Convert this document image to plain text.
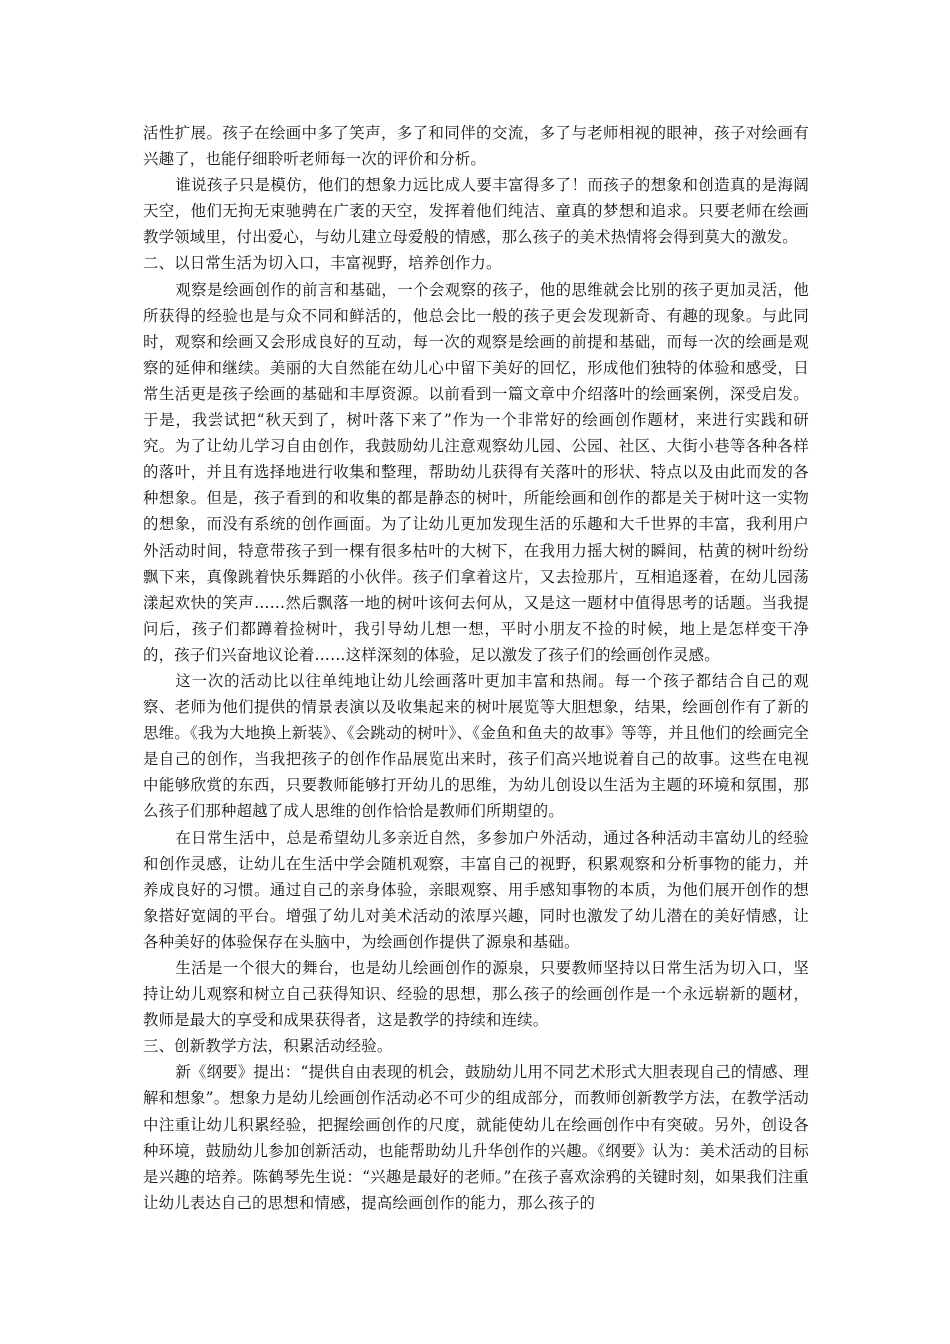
活性扩展。孩子在绘画中多了笑声，多了和同伴的交流，多了与老师相视的眼神，孩子对绘画有兴趣了，也能仔细聆听老师每一次的评价和分析。

谁说孩子只是模仿，他们的想象力远比成人要丰富得多了！而孩子的想象和创造真的是海阔天空，他们无拘无束驰骋在广袤的天空，发挥着他们纯洁、童真的梦想和追求。只要老师在绘画教学领域里，付出爱心，与幼儿建立母爱般的情感，那么孩子的美术热情将会得到莫大的激发。

二、以日常生活为切入口，丰富视野，培养创作力。

观察是绘画创作的前言和基础，一个会观察的孩子，他的思维就会比别的孩子更加灵活，他所获得的经验也是与众不同和鲜活的，他总会比一般的孩子更会发现新奇、有趣的现象。与此同时，观察和绘画又会形成良好的互动，每一次的观察是绘画的前提和基础，而每一次的绘画是观察的延伸和继续。美丽的大自然能在幼儿心中留下美好的回忆，形成他们独特的体验和感受，日常生活更是孩子绘画的基础和丰厚资源。以前看到一篇文章中介绍落叶的绘画案例，深受启发。于是，我尝试把“秋天到了，树叶落下来了”作为一个非常好的绘画创作题材，来进行实践和研究。为了让幼儿学习自由创作，我鼓励幼儿注意观察幼儿园、公园、社区、大街小巷等各种各样的落叶，并且有选择地进行收集和整理，帮助幼儿获得有关落叶的形状、特点以及由此而发的各种想象。但是，孩子看到的和收集的都是静态的树叶，所能绘画和创作的都是关于树叶这一实物的想象，而没有系统的创作画面。为了让幼儿更加发现生活的乐趣和大千世界的丰富，我利用户外活动时间，特意带孩子到一棵有很多枯叶的大树下，在我用力摇大树的瞬间，枯黄的树叶纷纷飘下来，真像跳着快乐舞蹈的小伙伴。孩子们拿着这片，又去捡那片，互相追逐着，在幼儿园荡漾起欢快的笑声……然后飘落一地的树叶该何去何从，又是这一题材中值得思考的话题。当我提问后，孩子们都蹲着捡树叶，我引导幼儿想一想，平时小朋友不捡的时候，地上是怎样变干净的，孩子们兴奋地议论着……这样深刻的体验，足以激发了孩子们的绘画创作灵感。

这一次的活动比以往单纯地让幼儿绘画落叶更加丰富和热闹。每一个孩子都结合自己的观察、老师为他们提供的情景表演以及收集起来的树叶展览等大胆想象，结果，绘画创作有了新的思维。《我为大地换上新装》、《会跳动的树叶》、《金鱼和鱼夫的故事》等等，并且他们的绘画完全是自己的创作，当我把孩子的创作作品展览出来时，孩子们高兴地说着自己的故事。这些在电视中能够欣赏的东西，只要教师能够打开幼儿的思维，为幼儿创设以生活为主题的环境和氛围，那么孩子们那种超越了成人思维的创作恰恰是教师们所期望的。

在日常生活中，总是希望幼儿多亲近自然，多参加户外活动，通过各种活动丰富幼儿的经验和创作灵感，让幼儿在生活中学会随机观察，丰富自己的视野，积累观察和分析事物的能力，并养成良好的习惯。通过自己的亲身体验，亲眼观察、用手感知事物的本质，为他们展开创作的想象搭好宽阔的平台。增强了幼儿对美术活动的浓厚兴趣，同时也激发了幼儿潜在的美好情感，让各种美好的体验保存在头脑中，为绘画创作提供了源泉和基础。

生活是一个很大的舞台，也是幼儿绘画创作的源泉，只要教师坚持以日常生活为切入口，坚持让幼儿观察和树立自己获得知识、经验的思想，那么孩子的绘画创作是一个永远崭新的题材，教师是最大的享受和成果获得者，这是教学的持续和连续。

三、创新教学方法，积累活动经验。

新《纲要》提出：“提供自由表现的机会，鼓励幼儿用不同艺术形式大胆表现自己的情感、理解和想象”。想象力是幼儿绘画创作活动必不可少的组成部分，而教师创新教学方法，在教学活动中注重让幼儿积累经验，把握绘画创作的尺度，就能使幼儿在绘画创作中有突破。另外，创设各种环境，鼓励幼儿参加创新活动，也能帮助幼儿升华创作的兴趣。《纲要》认为：美术活动的目标是兴趣的培养。陈鹤琴先生说：“兴趣是最好的老师。”在孩子喜欢涂鸦的关键时刻，如果我们注重让幼儿表达自己的思想和情感，提高绘画创作的能力，那么孩子的
